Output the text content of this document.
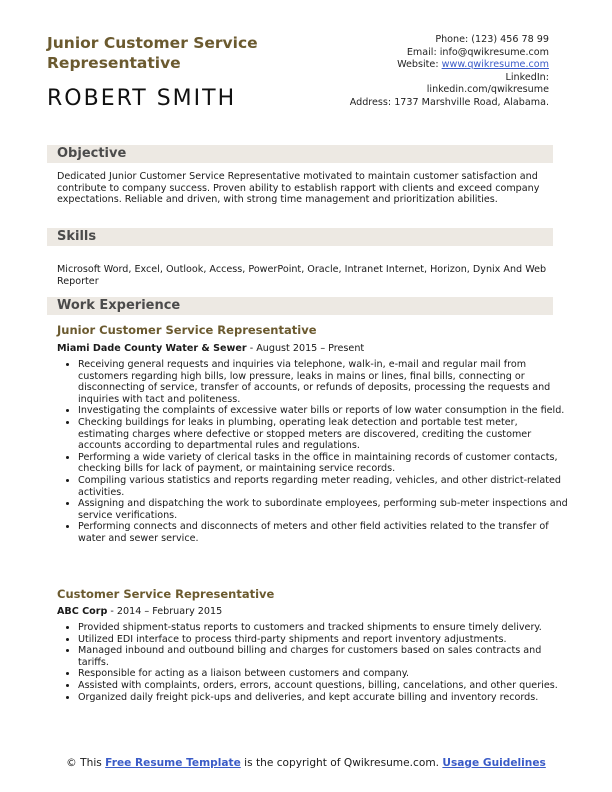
Junior Customer Service Representative
ROBERT SMITH
Phone: (123) 456 78 99
Email: info@qwikresume.com
Website: www.qwikresume.com
LinkedIn:
linkedin.com/qwikresume
Address: 1737 Marshville Road, Alabama.
Objective
Dedicated Junior Customer Service Representative motivated to maintain customer satisfaction and contribute to company success. Proven ability to establish rapport with clients and exceed company expectations. Reliable and driven, with strong time management and prioritization abilities.
Skills
Microsoft Word, Excel, Outlook, Access, PowerPoint, Oracle, Intranet Internet, Horizon, Dynix And Web Reporter
Work Experience
Junior Customer Service Representative
Miami Dade County Water & Sewer - August 2015 – Present
• Receiving general requests and inquiries via telephone, walk-in, e-mail and regular mail from customers regarding high bills, low pressure, leaks in mains or lines, final bills, connecting or disconnecting of service, transfer of accounts, or refunds of deposits, processing the requests and inquiries with tact and politeness.
• Investigating the complaints of excessive water bills or reports of low water consumption in the field.
• Checking buildings for leaks in plumbing, operating leak detection and portable test meter, estimating charges where defective or stopped meters are discovered, crediting the customer accounts according to departmental rules and regulations.
• Performing a wide variety of clerical tasks in the office in maintaining records of customer contacts, checking bills for lack of payment, or maintaining service records.
• Compiling various statistics and reports regarding meter reading, vehicles, and other district-related activities.
• Assigning and dispatching the work to subordinate employees, performing sub-meter inspections and service verifications.
• Performing connects and disconnects of meters and other field activities related to the transfer of water and sewer service.
Customer Service Representative
ABC Corp - 2014 – February 2015
• Provided shipment-status reports to customers and tracked shipments to ensure timely delivery.
• Utilized EDI interface to process third-party shipments and report inventory adjustments.
• Managed inbound and outbound billing and charges for customers based on sales contracts and tariffs.
• Responsible for acting as a liaison between customers and company.
• Assisted with complaints, orders, errors, account questions, billing, cancelations, and other queries.
• Organized daily freight pick-ups and deliveries, and kept accurate billing and inventory records.
© This Free Resume Template is the copyright of Qwikresume.com. Usage Guidelines
